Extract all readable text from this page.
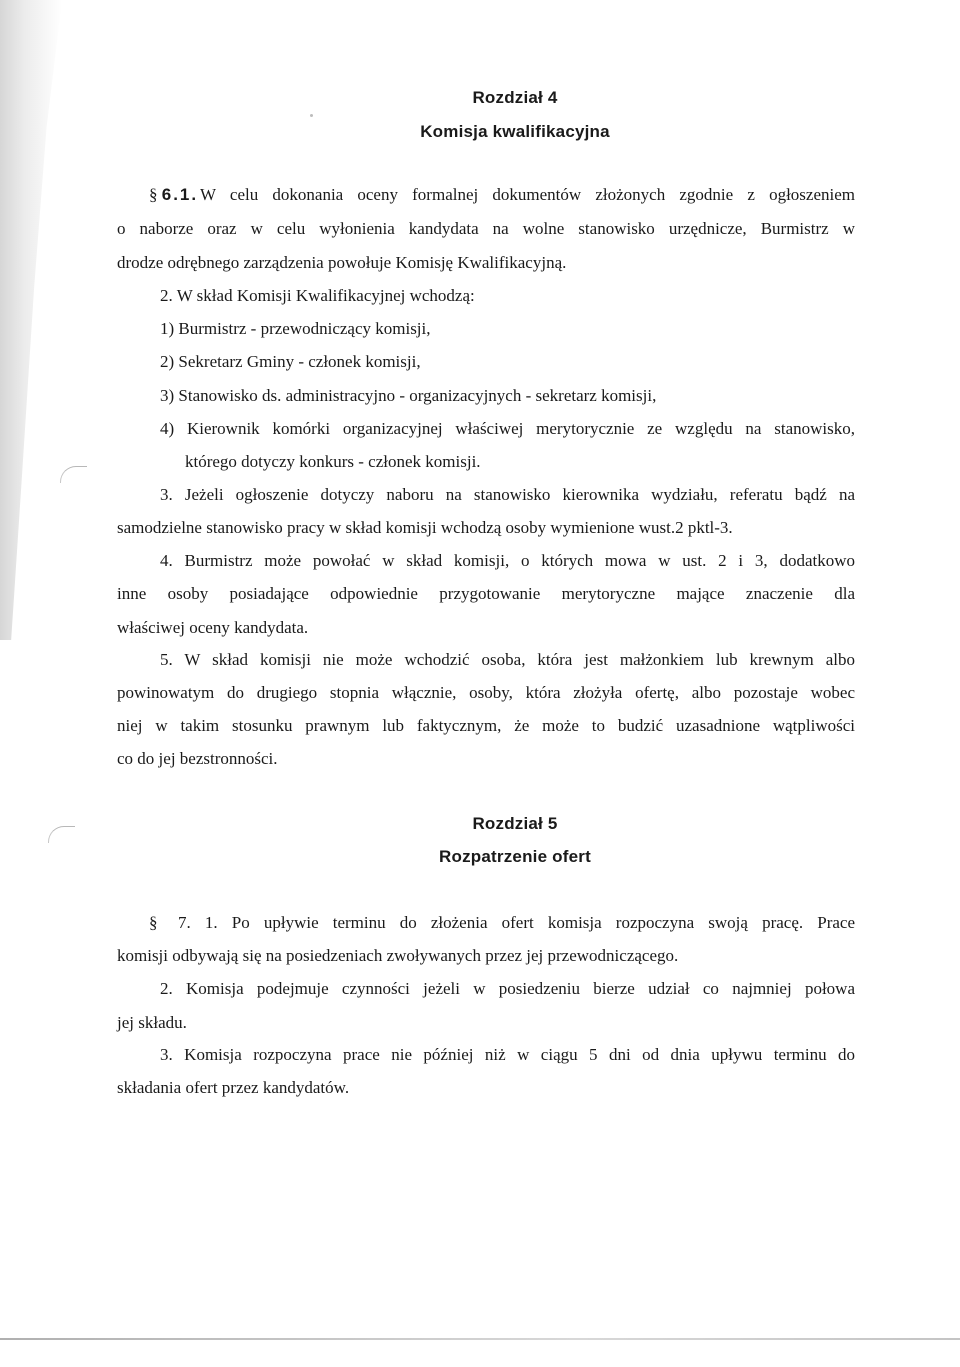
Rozdział 4
Komisja kwalifikacyjna
§ 6.1. W celu dokonania oceny formalnej dokumentów złożonych zgodnie z ogłoszeniem
o naborze oraz w celu wyłonienia kandydata na wolne stanowisko urzędnicze, Burmistrz w
drodze odrębnego zarządzenia powołuje Komisję Kwalifikacyjną.
2. W skład Komisji Kwalifikacyjnej wchodzą:
1) Burmistrz - przewodniczący komisji,
2) Sekretarz Gminy - członek komisji,
3) Stanowisko ds. administracyjno - organizacyjnych - sekretarz komisji,
4) Kierownik komórki organizacyjnej właściwej merytorycznie ze względu na stanowisko,
którego dotyczy konkurs - członek komisji.
3. Jeżeli ogłoszenie dotyczy naboru na stanowisko kierownika wydziału, referatu bądź na
samodzielne stanowisko pracy w skład komisji wchodzą osoby wymienione wust.2 pktl-3.
4. Burmistrz może powołać w skład komisji, o których mowa w ust. 2 i 3, dodatkowo
inne osoby posiadające odpowiednie przygotowanie merytoryczne mające znaczenie dla
właściwej oceny kandydata.
5. W skład komisji nie może wchodzić osoba, która jest małżonkiem lub krewnym albo
powinowatym do drugiego stopnia włącznie, osoby, która złożyła ofertę, albo pozostaje wobec
niej w takim stosunku prawnym lub faktycznym, że może to budzić uzasadnione wątpliwości
co do jej bezstronności.
Rozdział 5
Rozpatrzenie ofert
§ 7. 1. Po upływie terminu do złożenia ofert komisja rozpoczyna swoją pracę. Prace
komisji odbywają się na posiedzeniach zwoływanych przez jej przewodniczącego.
2. Komisja podejmuje czynności jeżeli w posiedzeniu bierze udział co najmniej połowa
jej składu.
3. Komisja rozpoczyna prace nie później niż w ciągu 5 dni od dnia upływu terminu do
składania ofert przez kandydatów.
